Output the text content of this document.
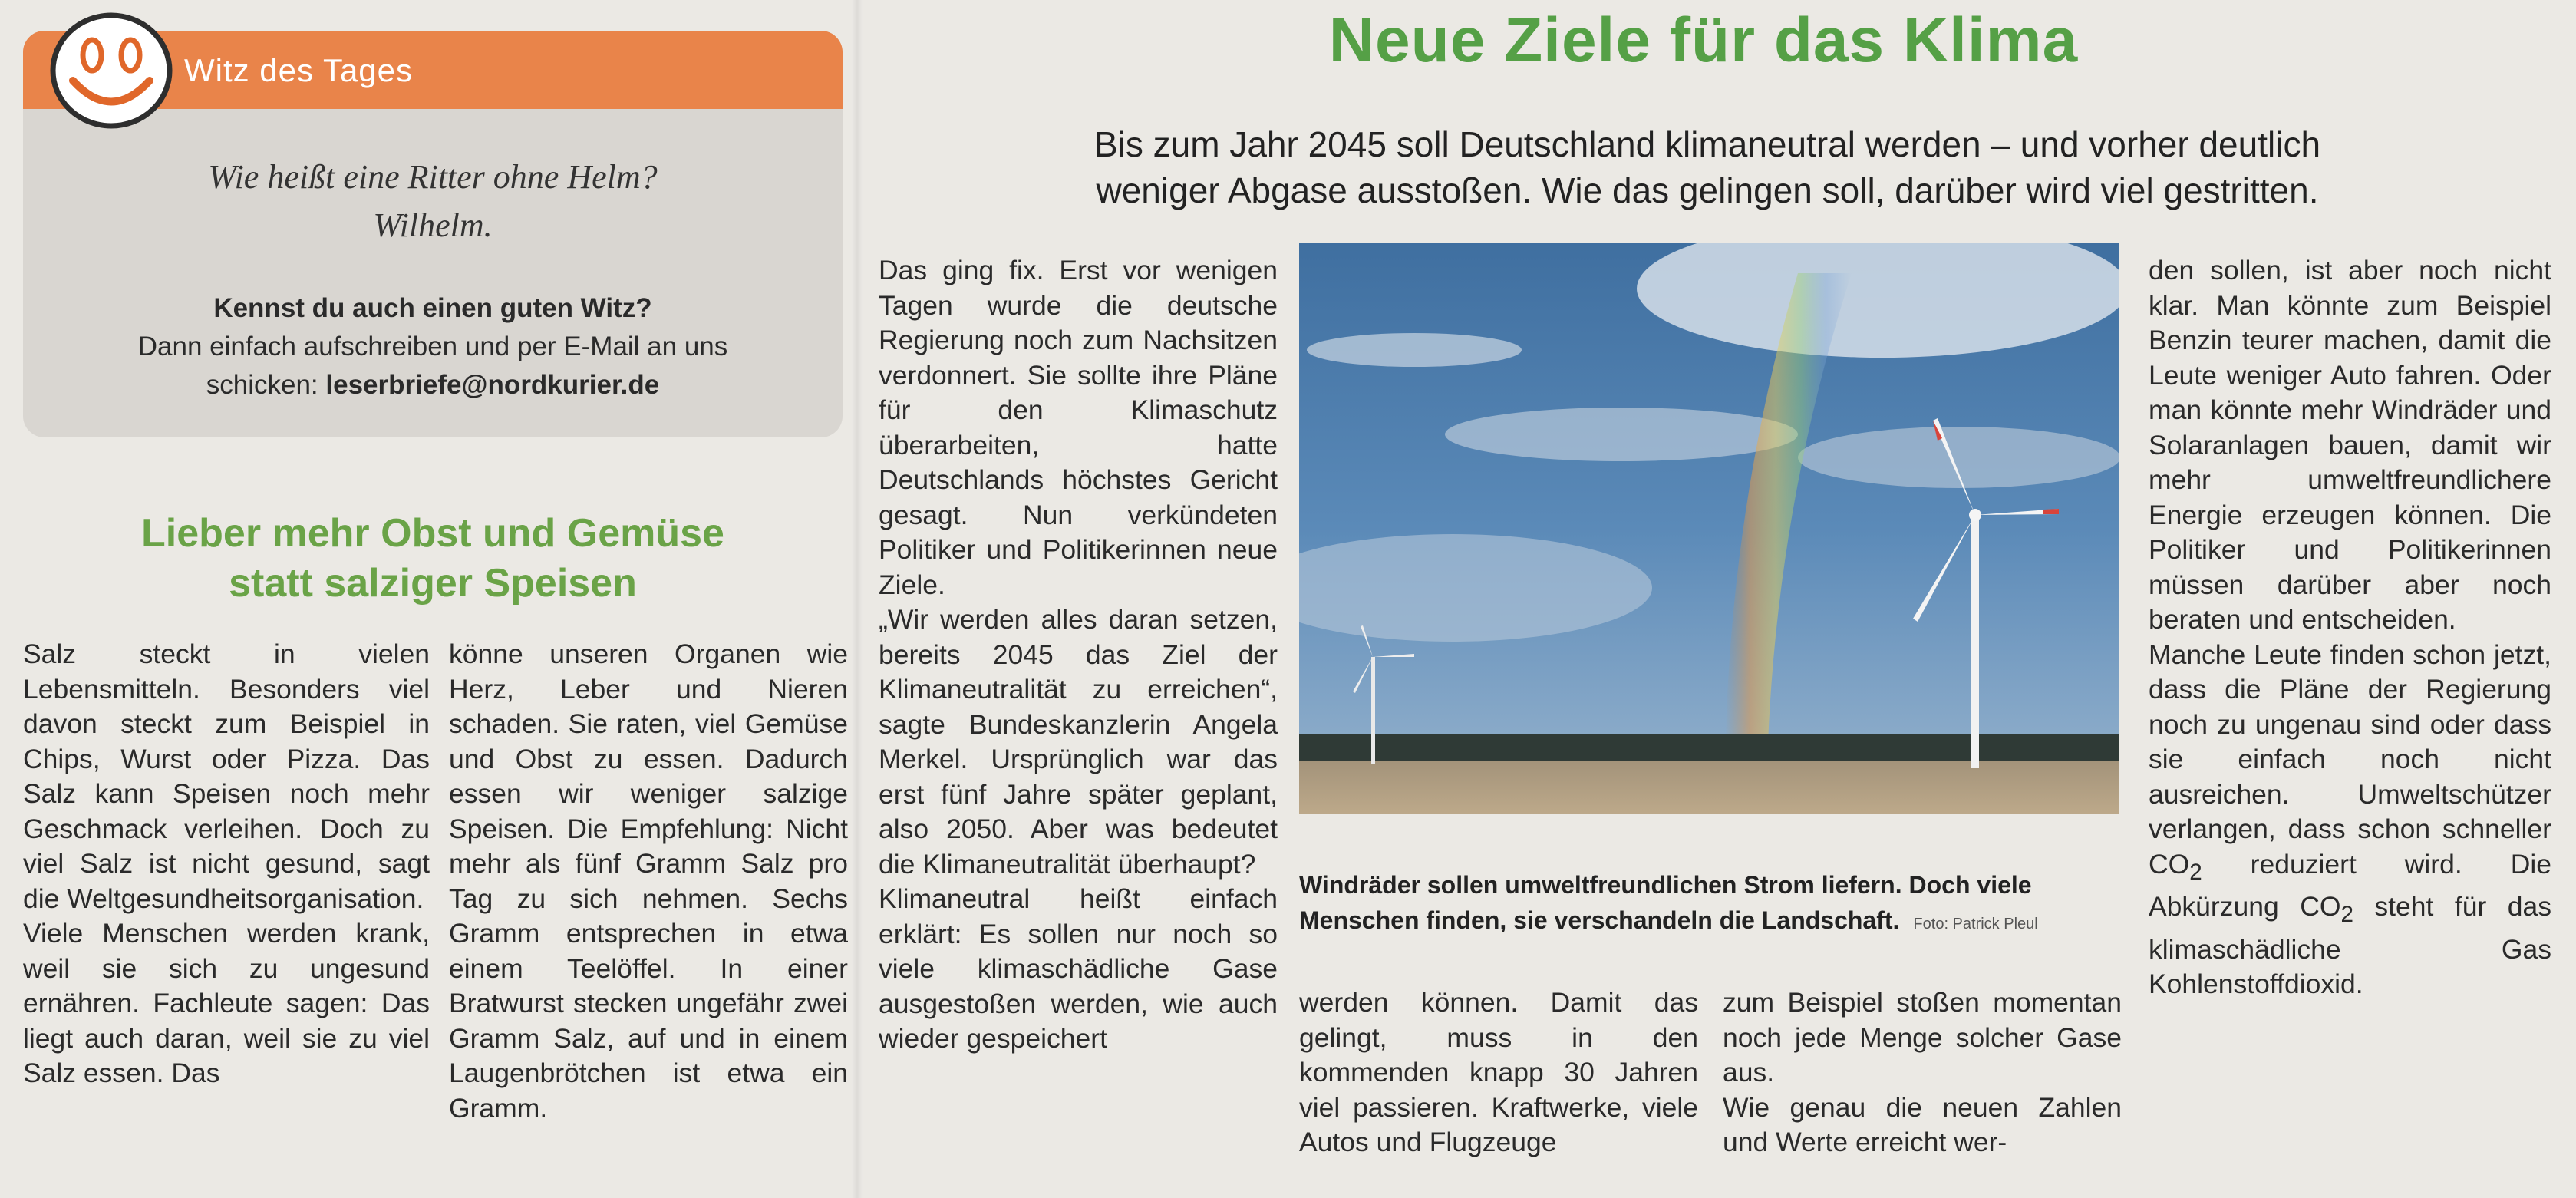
Witz des Tages
Wie heißt eine Ritter ohne Helm?
Wilhelm.
Kennst du auch einen guten Witz?
Dann einfach aufschreiben und per E-Mail an uns
schicken: leserbriefe@nordkurier.de
Lieber mehr Obst und Gemüse
statt salziger Speisen

Salz steckt in vielen Lebensmitteln. Besonders viel davon steckt zum Beispiel in Chips, Wurst oder Pizza. Das Salz kann Speisen noch mehr Geschmack verleihen. Doch zu viel Salz ist nicht gesund, sagt die Weltgesundheitsorganisation.

Viele Menschen werden krank, weil sie sich zu ungesund ernähren. Fachleute sagen: Das liegt auch daran, weil sie zu viel Salz essen. Das

könne unseren Organen wie Herz, Leber und Nieren schaden. Sie raten, viel Gemüse und Obst zu essen. Dadurch essen wir weniger salzige Speisen. Die Empfehlung: Nicht mehr als fünf Gramm Salz pro Tag zu sich nehmen. Sechs Gramm entsprechen in etwa einem Teelöffel. In einer Bratwurst stecken ungefähr zwei Gramm Salz, auf und in einem Laugenbrötchen ist etwa ein Gramm.

Neue Ziele für das Klima
Bis zum Jahr 2045 soll Deutschland klimaneutral werden – und vorher deutlich
weniger Abgase ausstoßen. Wie das gelingen soll, darüber wird viel gestritten.

Das ging fix. Erst vor wenigen Tagen wurde die deutsche Regierung noch zum Nachsitzen verdonnert. Sie sollte ihre Pläne für den Klimaschutz überarbeiten, hatte Deutschlands höchstes Gericht gesagt. Nun verkündeten Politiker und Politikerinnen neue Ziele.

„Wir werden alles daran setzen, bereits 2045 das Ziel der Klimaneutralität zu erreichen“, sagte Bundeskanzlerin Angela Merkel. Ursprünglich war das erst fünf Jahre später geplant, also 2050. Aber was bedeutet die Klimaneutralität überhaupt?

Klimaneutral heißt einfach erklärt: Es sollen nur noch so viele klimaschädliche Gase ausgestoßen werden, wie auch wieder gespeichert

Windräder sollen umweltfreundlichen Strom liefern. Doch viele Menschen finden, sie verschandeln die Landschaft. Foto: Patrick Pleul

werden können. Damit das gelingt, muss in den kommenden knapp 30 Jahren viel passieren. Kraftwerke, viele Autos und Flugzeuge

zum Beispiel stoßen momentan noch jede Menge solcher Gase aus.

Wie genau die neuen Zahlen und Werte erreicht wer-

den sollen, ist aber noch nicht klar. Man könnte zum Beispiel Benzin teurer machen, damit die Leute weniger Auto fahren. Oder man könnte mehr Windräder und Solaranlagen bauen, damit wir mehr umweltfreundlichere Energie erzeugen können. Die Politiker und Politikerinnen müssen darüber aber noch beraten und entscheiden.

Manche Leute finden schon jetzt, dass die Pläne der Regierung noch zu ungenau sind oder dass sie einfach noch nicht ausreichen. Umweltschützer verlangen, dass schon schneller $CO_2$ reduziert wird. Die Abkürzung $CO_2$ steht für das klimaschädliche Gas Kohlenstoffdioxid.
